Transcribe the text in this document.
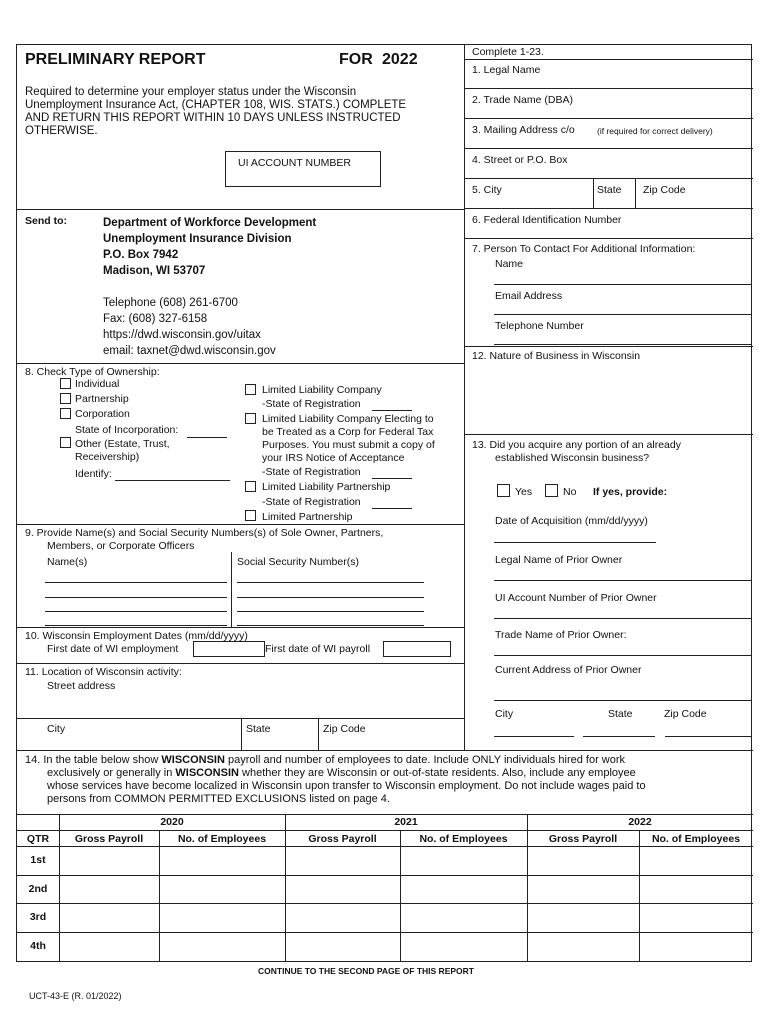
PRELIMINARY REPORT	FOR 2022
Required to determine your employer status under the Wisconsin
Unemployment Insurance Act, (CHAPTER 108, WIS. STATS.) COMPLETE
AND RETURN THIS REPORT WITHIN 10 DAYS UNLESS INSTRUCTED
OTHERWISE.
UI ACCOUNT NUMBER
Send to:	Department of Workforce Development
Unemployment Insurance Division
P.O. Box 7942
Madison, WI 53707
Telephone (608) 261-6700
Fax: (608) 327-6158
https://dwd.wisconsin.gov/uitax
email: taxnet@dwd.wisconsin.gov
8. Check Type of Ownership:
Individual
Partnership
Corporation
State of Incorporation:
Other (Estate, Trust,
Receivership)
Identify:
Limited Liability Company
-State of Registration
Limited Liability Company Electing to
be Treated as a Corp for Federal Tax
Purposes. You must submit a copy of
your IRS Notice of Acceptance
-State of Registration
Limited Liability Partnership
-State of Registration
Limited Partnership
9. Provide Name(s) and Social Security Numbers(s) of Sole Owner, Partners,
Members, or Corporate Officers
Name(s)	Social Security Number(s)
10. Wisconsin Employment Dates (mm/dd/yyyy)
First date of WI employment	First date of WI payroll
11. Location of Wisconsin activity:
Street address
City	State	Zip Code
Complete 1-23.
1. Legal Name
2. Trade Name (DBA)
3. Mailing Address c/o	(if required for correct delivery)
4. Street or P.O. Box
5. City	State Zip Code
6. Federal Identification Number
7. Person To Contact For Additional Information:
Name
Email Address
Telephone Number
12. Nature of Business in Wisconsin
13. Did you acquire any portion of an already
established Wisconsin business?
Yes	No If yes, provide:
Date of Acquisition (mm/dd/yyyy)
Legal Name of Prior Owner
UI Account Number of Prior Owner
Trade Name of Prior Owner:
Current Address of Prior Owner
City	State	Zip Code
14. In the table below show WISCONSIN payroll and number of employees to date. Include ONLY individuals hired for work
exclusively or generally in WISCONSIN whether they are Wisconsin or out-of-state residents. Also, include any employee
whose services have become localized in Wisconsin upon transfer to Wisconsin employment. Do not include wages paid to
persons from COMMON PERMITTED EXCLUSIONS listed on page 4.
2020	2021	2022
QTR	Gross Payroll	No. of Employees	Gross Payroll	No. of Employees	Gross Payroll	No. of Employees
1st
2nd
3rd
4th
CONTINUE TO THE SECOND PAGE OF THIS REPORT
UCT-43-E (R. 01/2022)
